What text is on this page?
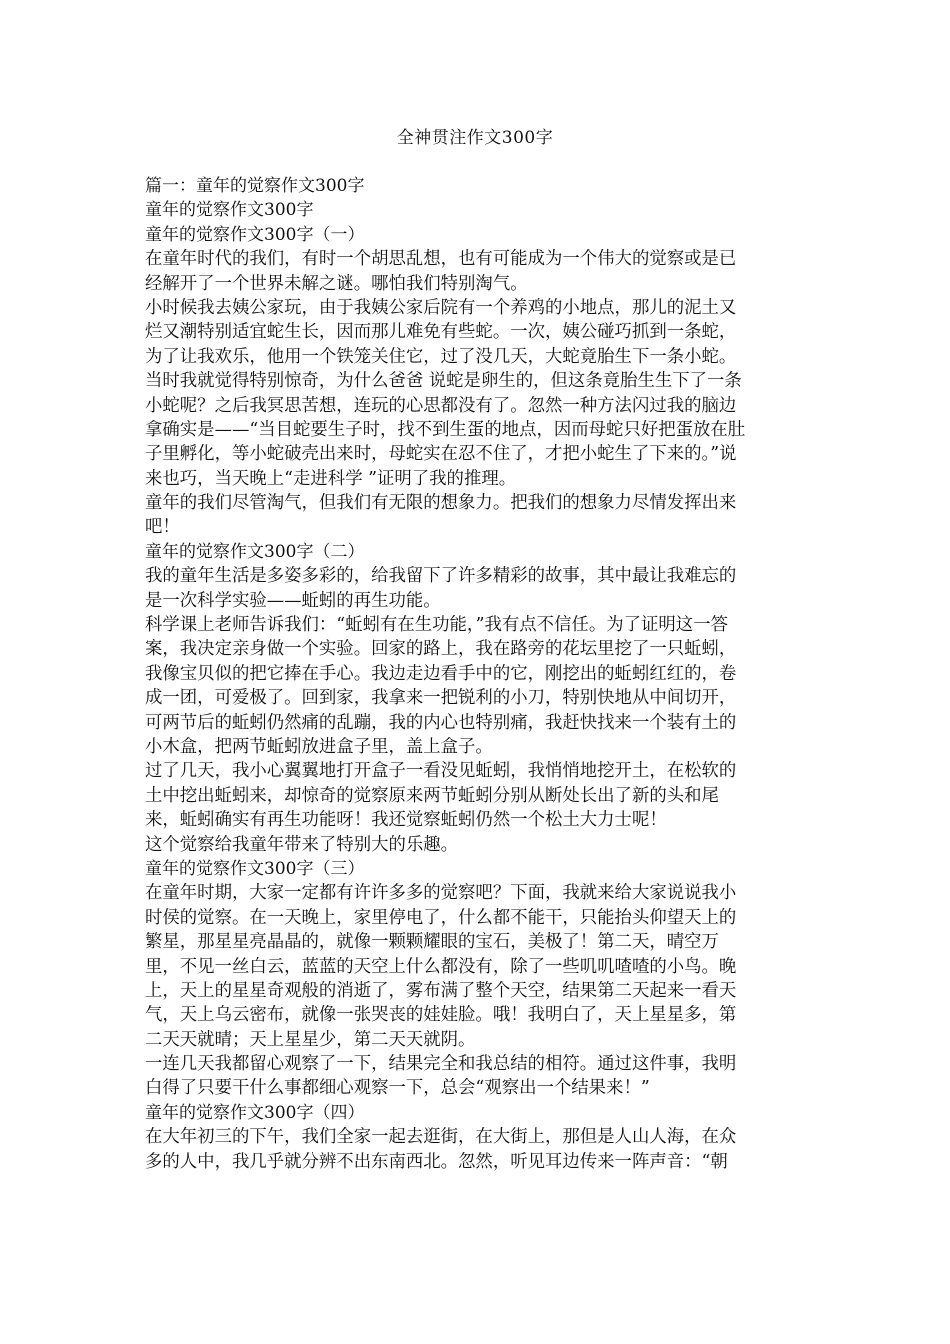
全神贯注作文300字
篇一：童年的觉察作文300字
童年的觉察作文300字
童年的觉察作文300字（一）
在童年时代的我们，有时一个胡思乱想，也有可能成为一个伟大的觉察或是已
经解开了一个世界未解之谜。哪怕我们特别淘气。
小时候我去姨公家玩，由于我姨公家后院有一个养鸡的小地点，那儿的泥土又
烂又潮特别适宜蛇生长，因而那儿难免有些蛇。一次，姨公碰巧抓到一条蛇，
为了让我欢乐，他用一个铁笼关住它，过了没几天，大蛇竟胎生下一条小蛇。
当时我就觉得特别惊奇，为什么爸爸 说蛇是卵生的，但这条竟胎生生下了一条
小蛇呢？之后我冥思苦想，连玩的心思都没有了。忽然一种方法闪过我的脑边
拿确实是——“当目蛇要生子时，找不到生蛋的地点，因而母蛇只好把蛋放在肚
子里孵化，等小蛇破壳出来时，母蛇实在忍不住了，才把小蛇生了下来的。”说
来也巧，当天晚上“走进科学 ”证明了我的推理。
童年的我们尽管淘气，但我们有无限的想象力。把我们的想象力尽情发挥出来
吧！
童年的觉察作文300字（二）
我的童年生活是多姿多彩的，给我留下了许多精彩的故事，其中最让我难忘的
是一次科学实验——蚯蚓的再生功能。
科学课上老师告诉我们：“蚯蚓有在生功能，”我有点不信任。为了证明这一答
案，我决定亲身做一个实验。回家的路上，我在路旁的花坛里挖了一只蚯蚓，
我像宝贝似的把它捧在手心。我边走边看手中的它，刚挖出的蚯蚓红红的，卷
成一团，可爱极了。回到家，我拿来一把锐利的小刀，特别快地从中间切开，
可两节后的蚯蚓仍然痛的乱蹦，我的内心也特别痛，我赶快找来一个装有土的
小木盒，把两节蚯蚓放进盒子里，盖上盒子。
过了几天，我小心翼翼地打开盒子一看没见蚯蚓，我悄悄地挖开土，在松软的
土中挖出蚯蚓来，却惊奇的觉察原来两节蚯蚓分别从断处长出了新的头和尾
来，蚯蚓确实有再生功能呀！我还觉察蚯蚓仍然一个松土大力士呢！
这个觉察给我童年带来了特别大的乐趣。
童年的觉察作文300字（三）
在童年时期，大家一定都有许许多多的觉察吧？下面，我就来给大家说说我小
时侯的觉察。在一天晚上，家里停电了，什么都不能干，只能抬头仰望天上的
繁星，那星星亮晶晶的，就像一颗颗耀眼的宝石，美极了！第二天，晴空万
里，不见一丝白云，蓝蓝的天空上什么都没有，除了一些叽叽喳喳的小鸟。晚
上，天上的星星奇观般的消逝了，雾布满了整个天空，结果第二天起来一看天
气，天上乌云密布，就像一张哭丧的娃娃脸。哦！我明白了，天上星星多，第
二天天就晴；天上星星少，第二天天就阴。
一连几天我都留心观察了一下，结果完全和我总结的相符。通过这件事，我明
白得了只要干什么事都细心观察一下，总会“观察出一个结果来！”
童年的觉察作文300字（四）
在大年初三的下午，我们全家一起去逛街，在大街上，那但是人山人海，在众
多的人中，我几乎就分辨不出东南西北。忽然，听见耳边传来一阵声音：“朝
